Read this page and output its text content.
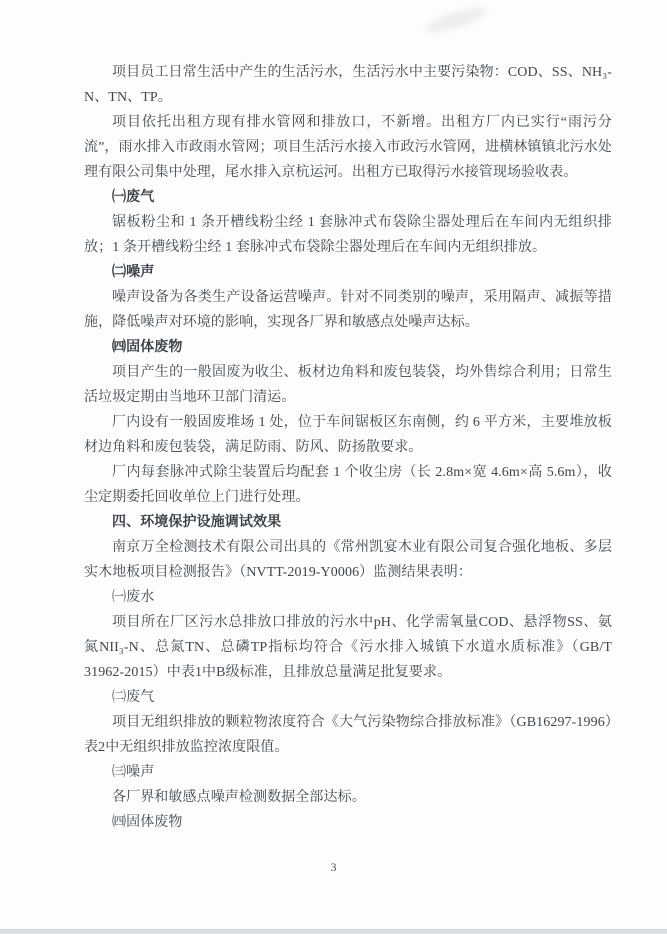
项目员工日常生活中产生的生活污水，生活污水中主要污染物：COD、SS、NH₃-N、TN、TP。

项目依托出租方现有排水管网和排放口，不新增。出租方厂内已实行“雨污分流”，雨水排入市政雨水管网；项目生活污水接入市政污水管网，进横林镇镇北污水处理有限公司集中处理，尾水排入京杭运河。出租方已取得污水接管现场验收表。

㈠废气

锯板粉尘和 1 条开槽线粉尘经 1 套脉冲式布袋除尘器处理后在车间内无组织排放；1 条开槽线粉尘经 1 套脉冲式布袋除尘器处理后在车间内无组织排放。

㈡噪声

噪声设备为各类生产设备运营噪声。针对不同类别的噪声，采用隔声、减振等措施，降低噪声对环境的影响，实现各厂界和敏感点处噪声达标。

㈣固体废物

项目产生的一般固废为收尘、板材边角料和废包装袋，均外售综合利用；日常生活垃圾定期由当地环卫部门清运。

厂内设有一般固废堆场 1 处，位于车间锯板区东南侧，约 6 平方米，主要堆放板材边角料和废包装袋，满足防雨、防风、防扬散要求。

厂内每套脉冲式除尘装置后均配套 1 个收尘房（长 2.8m×宽 4.6m×高 5.6m），收尘定期委托回收单位上门进行处理。

四、环境保护设施调试效果

南京万全检测技术有限公司出具的《常州凯宴木业有限公司复合强化地板、多层实木地板项目检测报告》（NVTT-2019-Y0006）监测结果表明：

㈠废水

项目所在厂区污水总排放口排放的污水中pH、化学需氧量COD、悬浮物SS、氨氮NII₃-N、总氮TN、总磷TP指标均符合《污水排入城镇下水道水质标准》（GB/T 31962-2015）中表1中B级标准，且排放总量满足批复要求。

㈡废气

项目无组织排放的颗粒物浓度符合《大气污染物综合排放标准》（GB16297-1996）表2中无组织排放监控浓度限值。

㈢噪声

各厂界和敏感点噪声检测数据全部达标。

㈣固体废物

3
